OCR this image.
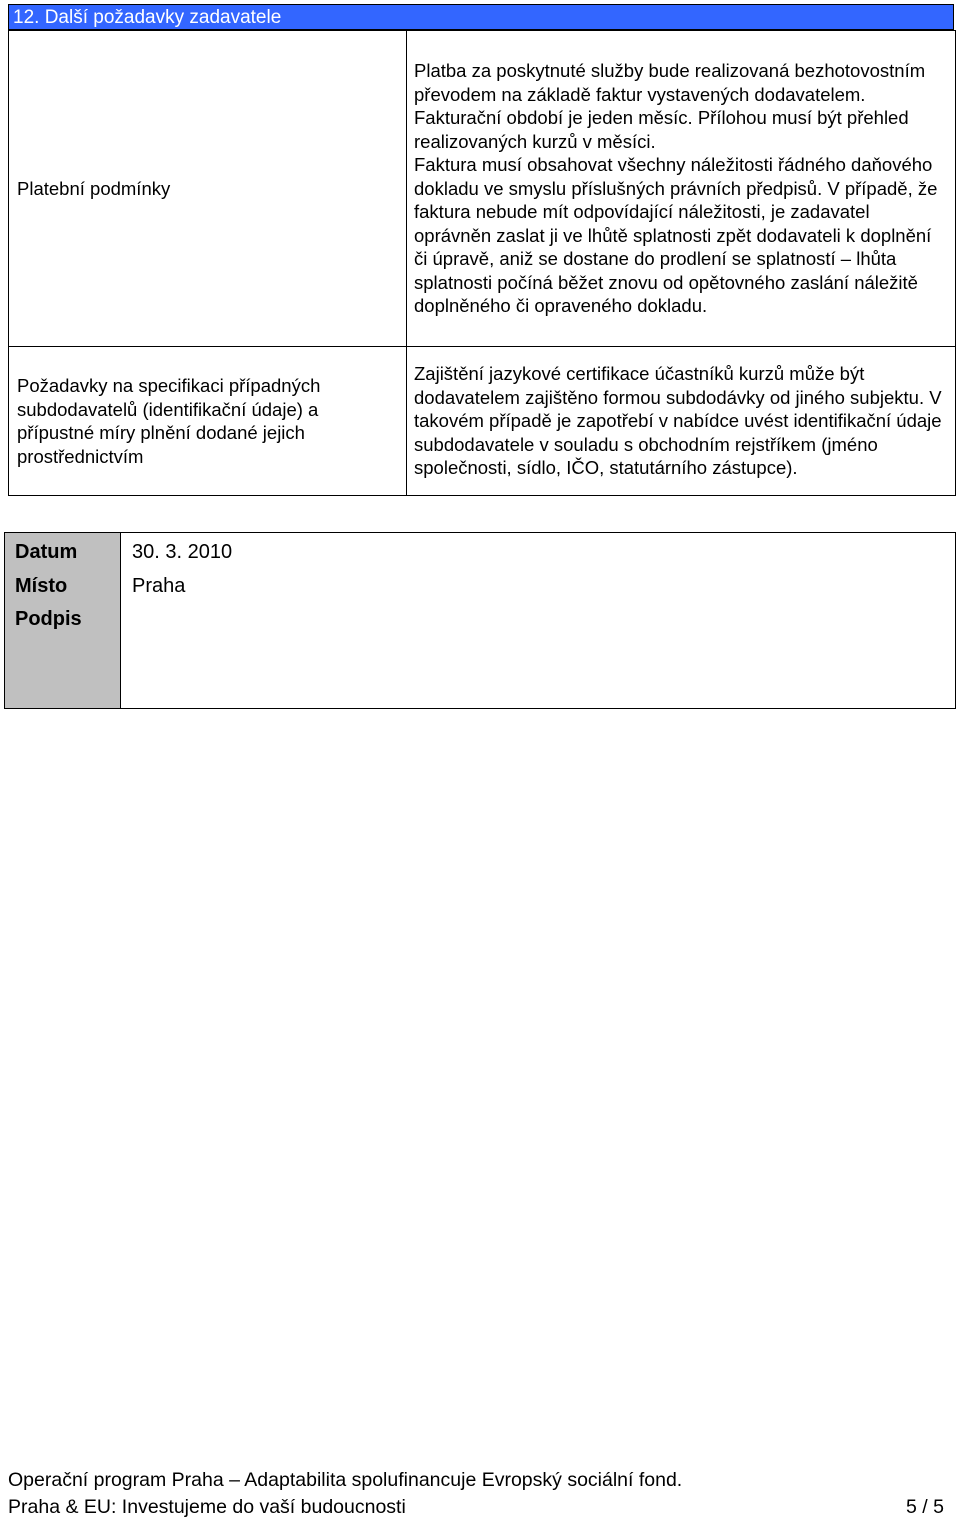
12. Další požadavky zadavatele
Platební podmínky	Platba za poskytnuté služby bude realizovaná bezhotovostním převodem na základě faktur vystavených dodavatelem.
Fakturační období je jeden měsíc. Přílohou musí být přehled realizovaných kurzů v měsíci.
Faktura musí obsahovat všechny náležitosti řádného daňového dokladu ve smyslu příslušných právních předpisů. V případě, že faktura nebude mít odpovídající náležitosti, je zadavatel oprávněn zaslat ji ve lhůtě splatnosti zpět dodavateli k doplnění či úpravě, aniž se dostane do prodlení se splatností – lhůta splatnosti počíná běžet znovu od opětovného zaslání náležitě doplněného či opraveného dokladu.

Požadavky na specifikaci případných subdodavatelů (identifikační údaje) a přípustné míry plnění dodané jejich prostřednictvím	Zajištění jazykové certifikace účastníků kurzů může být dodavatelem zajištěno formou subdodávky od jiného subjektu. V takovém případě je zapotřebí v nabídce uvést identifikační údaje subdodavatele v souladu s obchodním rejstříkem (jméno společnosti, sídlo, IČO, statutárního zástupce).
Datum	30. 3. 2010
Místo	Praha
Podpis
Operační program Praha – Adaptabilita spolufinancuje Evropský sociální fond.
Praha & EU: Investujeme do vaší budoucnosti	5 / 5
